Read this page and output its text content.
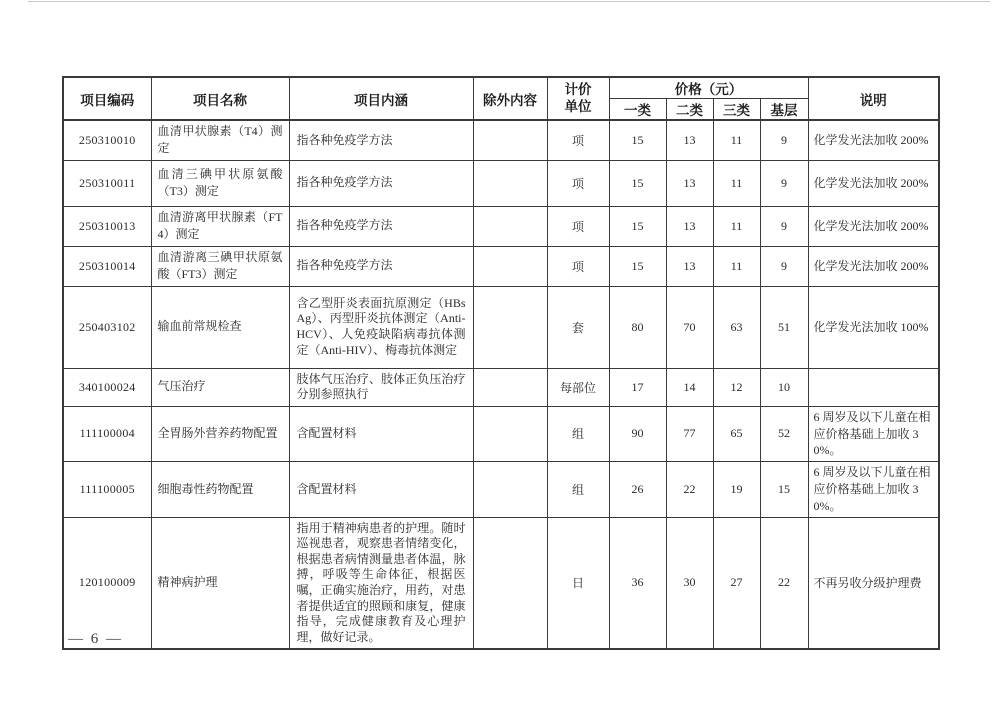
项目编码	项目名称	项目内涵	除外内容	计价单位	价格（元）				说明
					一类	二类	三类	基层	
250310010	血清甲状腺素（T4）测定	指各种免疫学方法		项	15	13	11	9	化学发光法加收 200%
250310011	血清三碘甲状原氨酸（T3）测定	指各种免疫学方法		项	15	13	11	9	化学发光法加收 200%
250310013	血清游离甲状腺素（FT4）测定	指各种免疫学方法		项	15	13	11	9	化学发光法加收 200%
250310014	血清游离三碘甲状原氨酸（FT3）测定	指各种免疫学方法		项	15	13	11	9	化学发光法加收 200%
250403102	输血前常规检查	含乙型肝炎表面抗原测定（HBsAg）、丙型肝炎抗体测定（Anti-HCV）、人免疫缺陷病毒抗体测定（Anti-HIV）、梅毒抗体测定		套	80	70	63	51	化学发光法加收 100%
340100024	气压治疗	肢体气压治疗、肢体正负压治疗分别参照执行		每部位	17	14	12	10	
111100004	全胃肠外营养药物配置	含配置材料		组	90	77	65	52	6 周岁及以下儿童在相应价格基础上加收 30%。
111100005	细胞毒性药物配置	含配置材料		组	26	22	19	15	6 周岁及以下儿童在相应价格基础上加收 30%。
120100009	精神病护理	指用于精神病患者的护理。随时巡视患者，观察患者情绪变化，根据患者病情测量患者体温，脉搏，呼吸等生命体征，根据医嘱，正确实施治疗，用药，对患者提供适宜的照顾和康复，健康指导，完成健康教育及心理护理，做好记录。		日	36	30	27	22	不再另收分级护理费
— 6 —
